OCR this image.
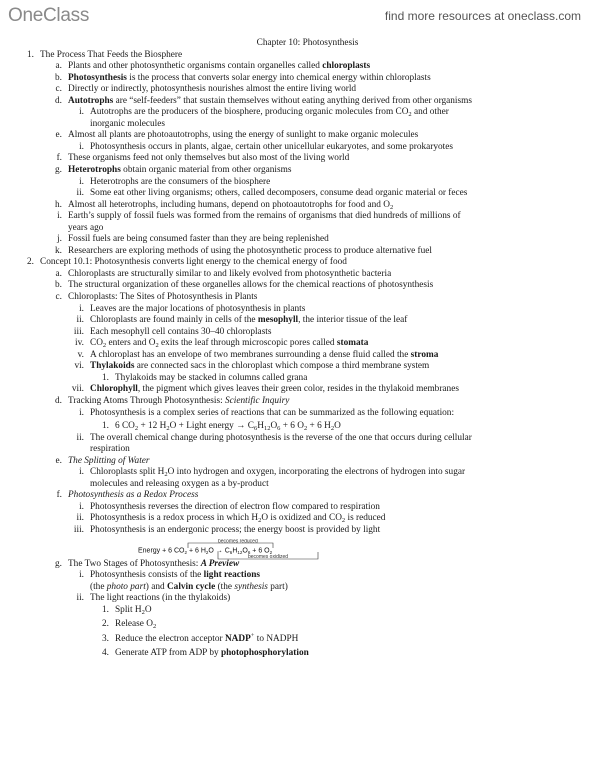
OneClass	find more resources at oneclass.com
Chapter 10: Photosynthesis
1. The Process That Feeds the Biosphere
a. Plants and other photosynthetic organisms contain organelles called chloroplasts
b. Photosynthesis is the process that converts solar energy into chemical energy within chloroplasts
c. Directly or indirectly, photosynthesis nourishes almost the entire living world
d. Autotrophs are “self-feeders” that sustain themselves without eating anything derived from other organisms
i. Autotrophs are the producers of the biosphere, producing organic molecules from $CO_2$ and other
inorganic molecules
e. Almost all plants are photoautotrophs, using the energy of sunlight to make organic molecules
i. Photosynthesis occurs in plants, algae, certain other unicellular eukaryotes, and some prokaryotes
f. These organisms feed not only themselves but also most of the living world
g. Heterotrophs obtain organic material from other organisms
i. Heterotrophs are the consumers of the biosphere
ii. Some eat other living organisms; others, called decomposers, consume dead organic material or feces
h. Almost all heterotrophs, including humans, depend on photoautotrophs for food and $O_2$
i. Earth’s supply of fossil fuels was formed from the remains of organisms that died hundreds of millions of
years ago
j. Fossil fuels are being consumed faster than they are being replenished
k. Researchers are exploring methods of using the photosynthetic process to produce alternative fuel
2. Concept 10.1: Photosynthesis converts light energy to the chemical energy of food
a. Chloroplasts are structurally similar to and likely evolved from photosynthetic bacteria
b. The structural organization of these organelles allows for the chemical reactions of photosynthesis
c. Chloroplasts: The Sites of Photosynthesis in Plants
i. Leaves are the major locations of photosynthesis in plants
ii. Chloroplasts are found mainly in cells of the mesophyll, the interior tissue of the leaf
iii. Each mesophyll cell contains 30–40 chloroplasts
iv. $CO_2$ enters and $O_2$ exits the leaf through microscopic pores called stomata
v. A chloroplast has an envelope of two membranes surrounding a dense fluid called the stroma
vi. Thylakoids are connected sacs in the chloroplast which compose a third membrane system
1. Thylakoids may be stacked in columns called grana
vii. Chlorophyll, the pigment which gives leaves their green color, resides in the thylakoid membranes
d. Tracking Atoms Through Photosynthesis: Scientific Inquiry
i. Photosynthesis is a complex series of reactions that can be summarized as the following equation:
1. 6 $CO_2 + 12$ $H_2O$ + Light energy → $C_6H_{12}O_6 + 6$ $O_2 + 6$ $H_2O$
ii. The overall chemical change during photosynthesis is the reverse of the one that occurs during cellular
respiration
e. The Splitting of Water
i. Chloroplasts split $H_2O$ into hydrogen and oxygen, incorporating the electrons of hydrogen into sugar
molecules and releasing oxygen as a by-product
f. Photosynthesis as a Redox Process
i. Photosynthesis reverses the direction of electron flow compared to respiration
ii. Photosynthesis is a redox process in which $H_2O$ is oxidized and $CO_2$ is reduced
iii. Photosynthesis is an endergonic process; the energy boost is provided by light
becomes reduced
becomes oxidized
Energy + 6 $CO_2 + 6$ $H_2O \to C_6H_{12}O_6 + 6$ $O_2$
g. The Two Stages of Photosynthesis: A Preview
i. Photosynthesis consists of the light reactions
(the photo part) and Calvin cycle (the synthesis part)
ii. The light reactions (in the thylakoids)
1. Split $H_2O$
2. Release $O_2$
3. Reduce the electron acceptor NADP+ to NADPH
4. Generate ATP from ADP by photophosphorylation
